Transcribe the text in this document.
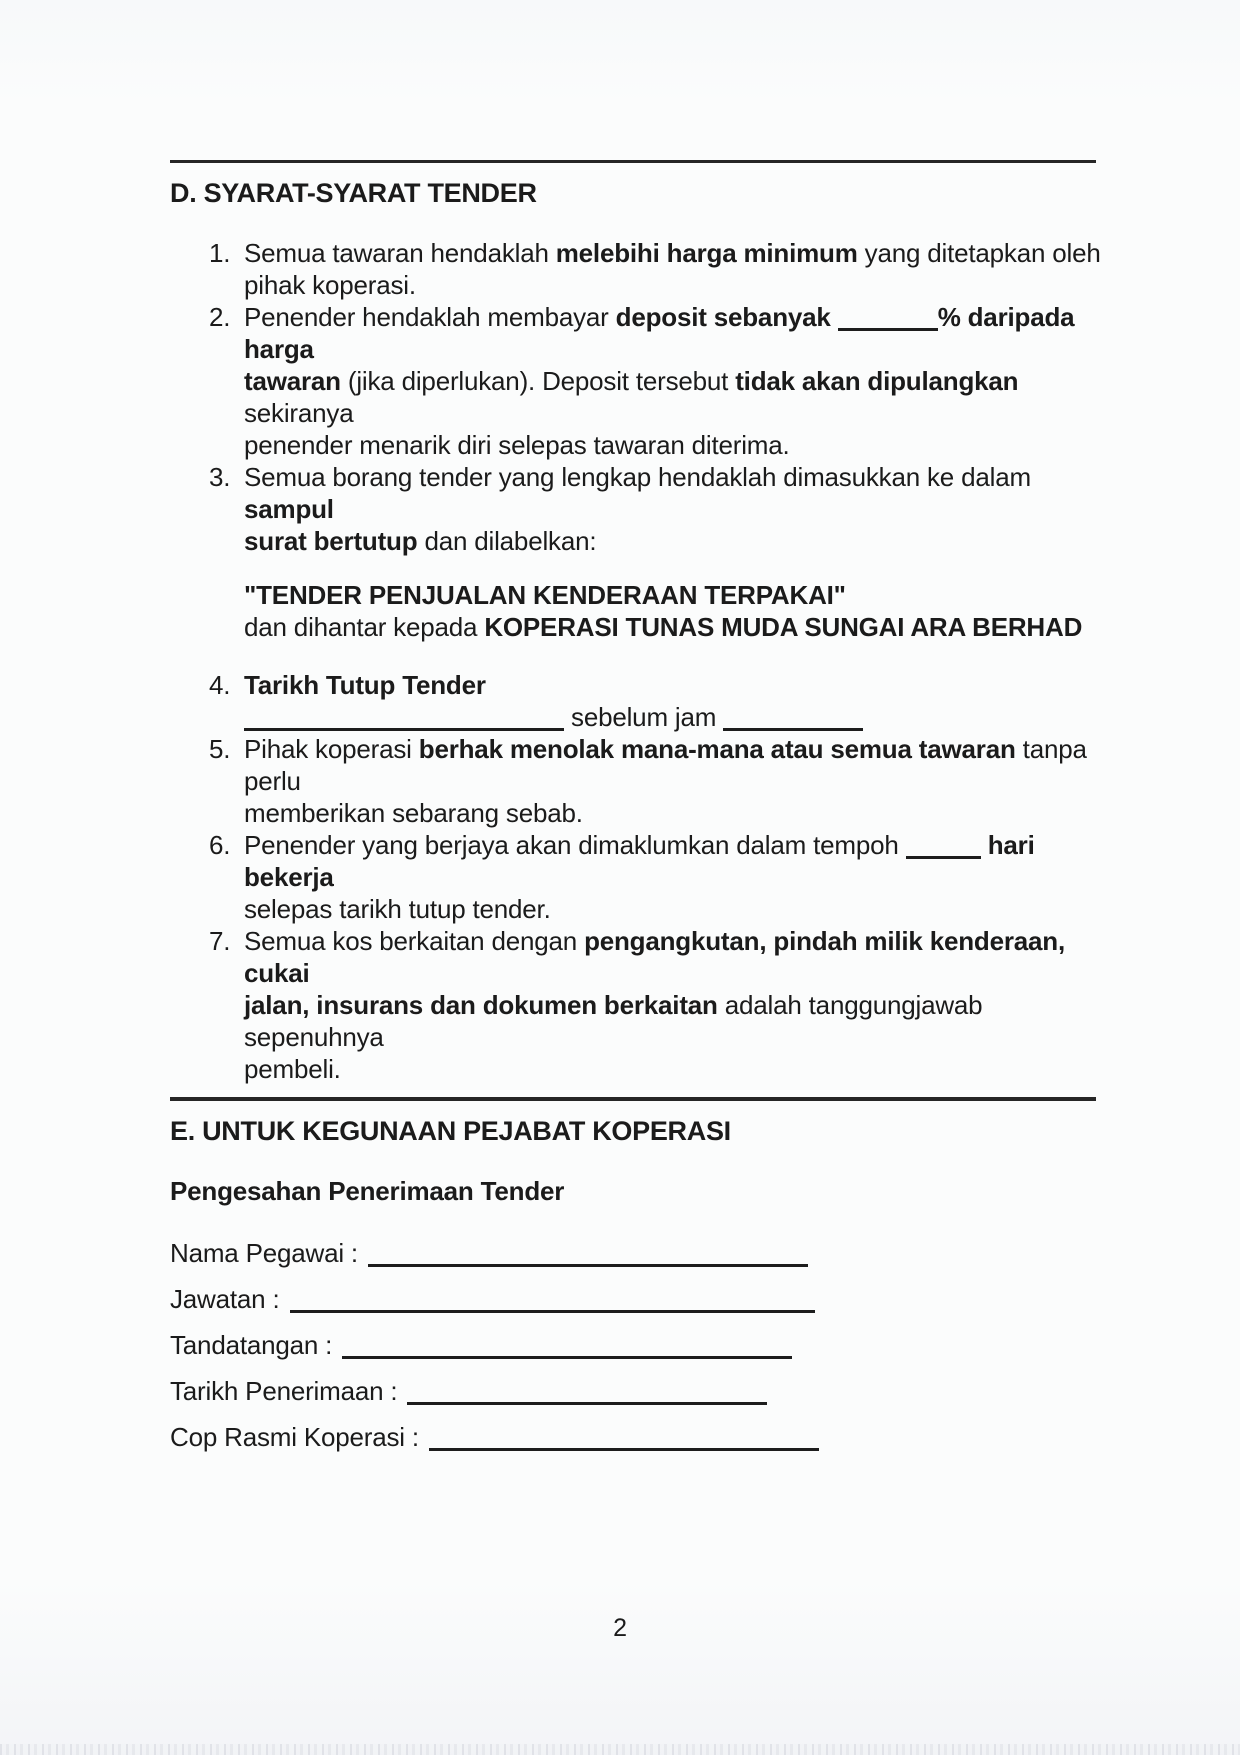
D. SYARAT-SYARAT TENDER
1. Semua tawaran hendaklah melebihi harga minimum yang ditetapkan oleh
pihak koperasi.
2. Penender hendaklah membayar deposit sebanyak	% daripada harga
tawaran (jika diperlukan). Deposit tersebut tidak akan dipulangkan sekiranya
penender menarik diri selepas tawaran diterima.
3. Semua borang tender yang lengkap hendaklah dimasukkan ke dalam sampul
surat bertutup dan dilabelkan:
"TENDER PENJUALAN KENDERAAN TERPAKAI"
dan dihantar kepada KOPERASI TUNAS MUDA SUNGAI ARA BERHAD
4. Tarikh Tutup Tender
sebelum jam
5. Pihak koperasi berhak menolak mana-mana atau semua tawaran tanpa perlu
memberikan sebarang sebab.
6. Penender yang berjaya akan dimaklumkan dalam tempoh	hari bekerja
selepas tarikh tutup tender.
7. Semua kos berkaitan dengan pengangkutan, pindah milik kenderaan, cukai
jalan, insurans dan dokumen berkaitan adalah tanggungjawab sepenuhnya
pembeli.
E. UNTUK KEGUNAAN PEJABAT KOPERASI
Pengesahan Penerimaan Tender
Nama Pegawai :
Jawatan :
Tandatangan :
Tarikh Penerimaan :
Cop Rasmi Koperasi :
2
